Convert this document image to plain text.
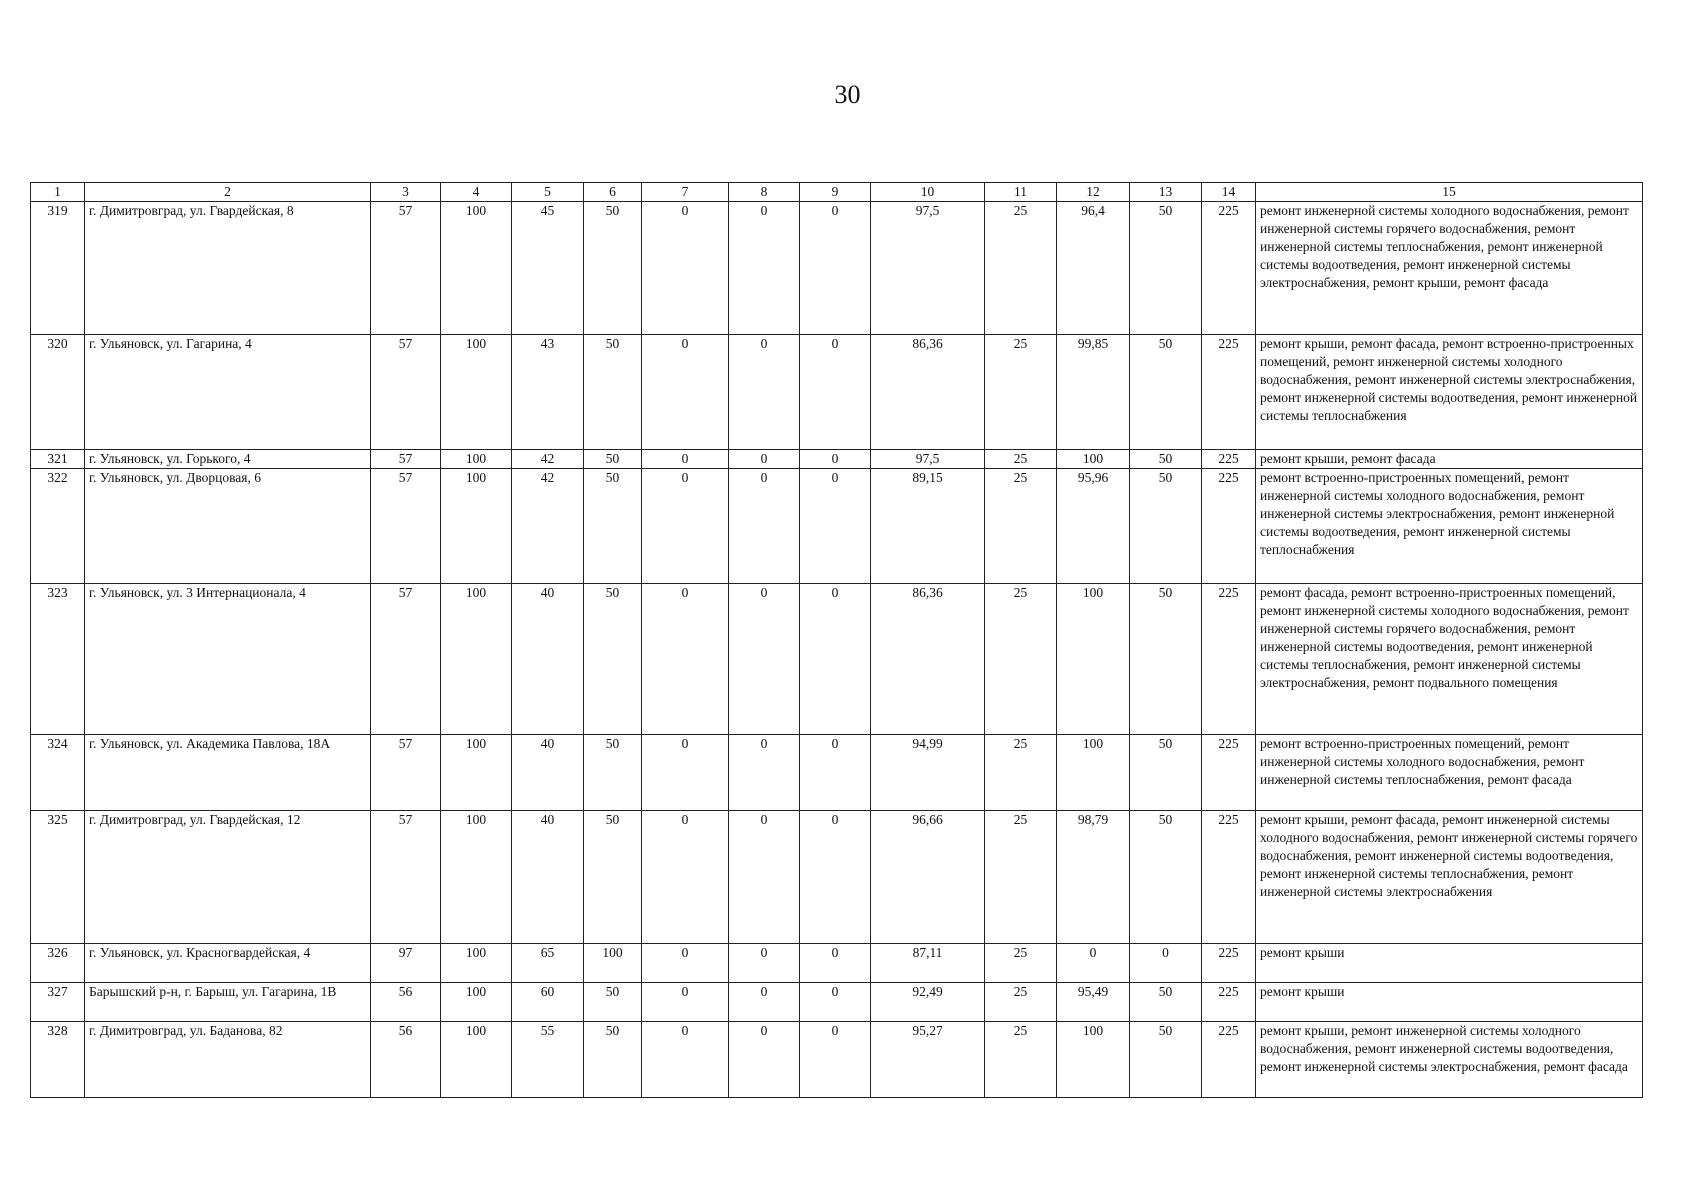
30
1	2	3	4	5	6	7	8	9	10	11	12	13	14	15
319	г. Димитровград, ул. Гвардейская, 8	57	100	45	50	0	0	0	97,5	25	96,4	50	225	ремонт инженерной системы холодного водоснабжения, ремонт инженерной системы горячего водоснабжения, ремонт инженерной системы теплоснабжения, ремонт инженерной системы водоотведения, ремонт инженерной системы электроснабжения, ремонт крыши, ремонт фасада
320	г. Ульяновск, ул. Гагарина, 4	57	100	43	50	0	0	0	86,36	25	99,85	50	225	ремонт крыши, ремонт фасада, ремонт встроенно-пристроенных помещений, ремонт инженерной системы холодного водоснабжения, ремонт инженерной системы электроснабжения, ремонт инженерной системы водоотведения, ремонт инженерной системы теплоснабжения
321	г. Ульяновск, ул. Горького, 4	57	100	42	50	0	0	0	97,5	25	100	50	225	ремонт крыши, ремонт фасада
322	г. Ульяновск, ул. Дворцовая, 6	57	100	42	50	0	0	0	89,15	25	95,96	50	225	ремонт встроенно-пристроенных помещений, ремонт инженерной системы холодного водоснабжения, ремонт инженерной системы электроснабжения, ремонт инженерной системы водоотведения, ремонт инженерной системы теплоснабжения
323	г. Ульяновск, ул. 3 Интернационала, 4	57	100	40	50	0	0	0	86,36	25	100	50	225	ремонт фасада, ремонт встроенно-пристроенных помещений, ремонт инженерной системы холодного водоснабжения, ремонт инженерной системы горячего водоснабжения, ремонт инженерной системы водоотведения, ремонт инженерной системы теплоснабжения, ремонт инженерной системы электроснабжения, ремонт подвального помещения
324	г. Ульяновск, ул. Академика Павлова, 18А	57	100	40	50	0	0	0	94,99	25	100	50	225	ремонт встроенно-пристроенных помещений, ремонт инженерной системы холодного водоснабжения, ремонт инженерной системы теплоснабжения, ремонт фасада
325	г. Димитровград, ул. Гвардейская, 12	57	100	40	50	0	0	0	96,66	25	98,79	50	225	ремонт крыши, ремонт фасада, ремонт инженерной системы холодного водоснабжения, ремонт инженерной системы горячего водоснабжения, ремонт инженерной системы водоотведения, ремонт инженерной системы теплоснабжения, ремонт инженерной системы электроснабжения
326	г. Ульяновск, ул. Красногвардейская, 4	97	100	65	100	0	0	0	87,11	25	0	0	225	ремонт крыши
327	Барышский р-н, г. Барыш, ул. Гагарина, 1В	56	100	60	50	0	0	0	92,49	25	95,49	50	225	ремонт крыши
328	г. Димитровград, ул. Баданова, 82	56	100	55	50	0	0	0	95,27	25	100	50	225	ремонт крыши, ремонт инженерной системы холодного водоснабжения, ремонт инженерной системы водоотведения, ремонт инженерной системы электроснабжения, ремонт фасада
